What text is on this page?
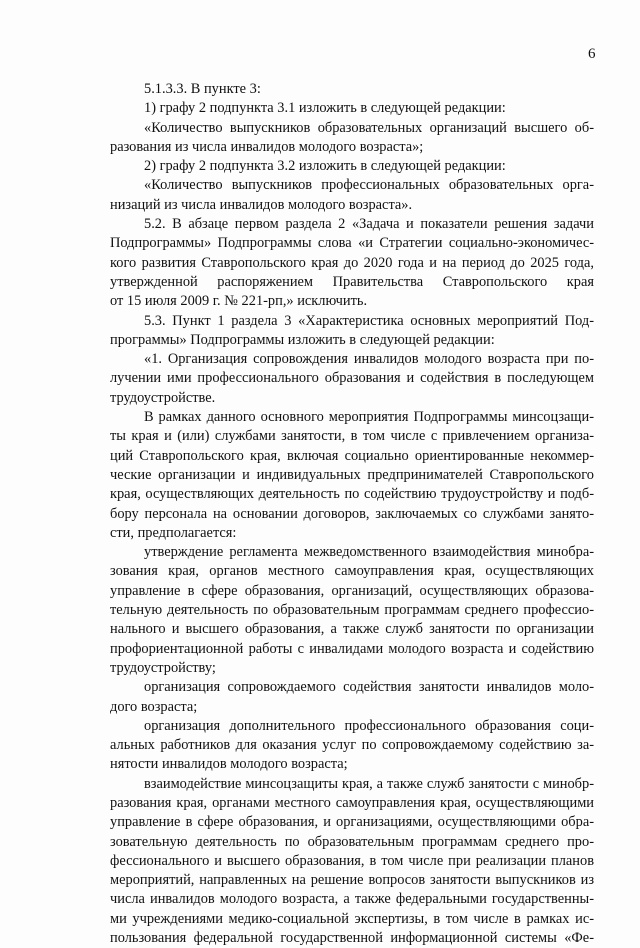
6
5.1.3.3. В пункте 3:
1) графу 2 подпункта 3.1 изложить в следующей редакции:
«Количество выпускников образовательных организаций высшего об-
разования из числа инвалидов молодого возраста»;
2) графу 2 подпункта 3.2 изложить в следующей редакции:
«Количество выпускников профессиональных образовательных орга-
низаций из числа инвалидов молодого возраста».
5.2. В абзаце первом раздела 2 «Задача и показатели решения задачи
Подпрограммы» Подпрограммы слова «и Стратегии социально-экономичес-
кого развития Ставропольского края до 2020 года и на период до 2025 года,
утвержденной распоряжением Правительства Ставропольского края
от 15 июля 2009 г. № 221-рп,» исключить.
5.3. Пункт 1 раздела 3 «Характеристика основных мероприятий Под-
программы» Подпрограммы изложить в следующей редакции:
«1. Организация сопровождения инвалидов молодого возраста при по-
лучении ими профессионального образования и содействия в последующем
трудоустройстве.
В рамках данного основного мероприятия Подпрограммы минсоцзащи-
ты края и (или) службами занятости, в том числе с привлечением организа-
ций Ставропольского края, включая социально ориентированные некоммер-
ческие организации и индивидуальных предпринимателей Ставропольского
края, осуществляющих деятельность по содействию трудоустройству и подб-
бору персонала на основании договоров, заключаемых со службами занято-
сти, предполагается:
утверждение регламента межведомственного взаимодействия минобра-
зования края, органов местного самоуправления края, осуществляющих
управление в сфере образования, организаций, осуществляющих образова-
тельную деятельность по образовательным программам среднего профессио-
нального и высшего образования, а также служб занятости по организации
профориентационной работы с инвалидами молодого возраста и содействию
трудоустройству;
организация сопровождаемого содействия занятости инвалидов моло-
дого возраста;
организация дополнительного профессионального образования соци-
альных работников для оказания услуг по сопровождаемому содействию за-
нятости инвалидов молодого возраста;
взаимодействие минсоцзащиты края, а также служб занятости с минобр-
разования края, органами местного самоуправления края, осуществляющими
управление в сфере образования, и организациями, осуществляющими обра-
зовательную деятельность по образовательным программам среднего про-
фессионального и высшего образования, в том числе при реализации планов
мероприятий, направленных на решение вопросов занятости выпускников из
числа инвалидов молодого возраста, а также федеральными государственны-
ми учреждениями медико-социальной экспертизы, в том числе в рамках ис-
пользования федеральной государственной информационной системы «Фе-
